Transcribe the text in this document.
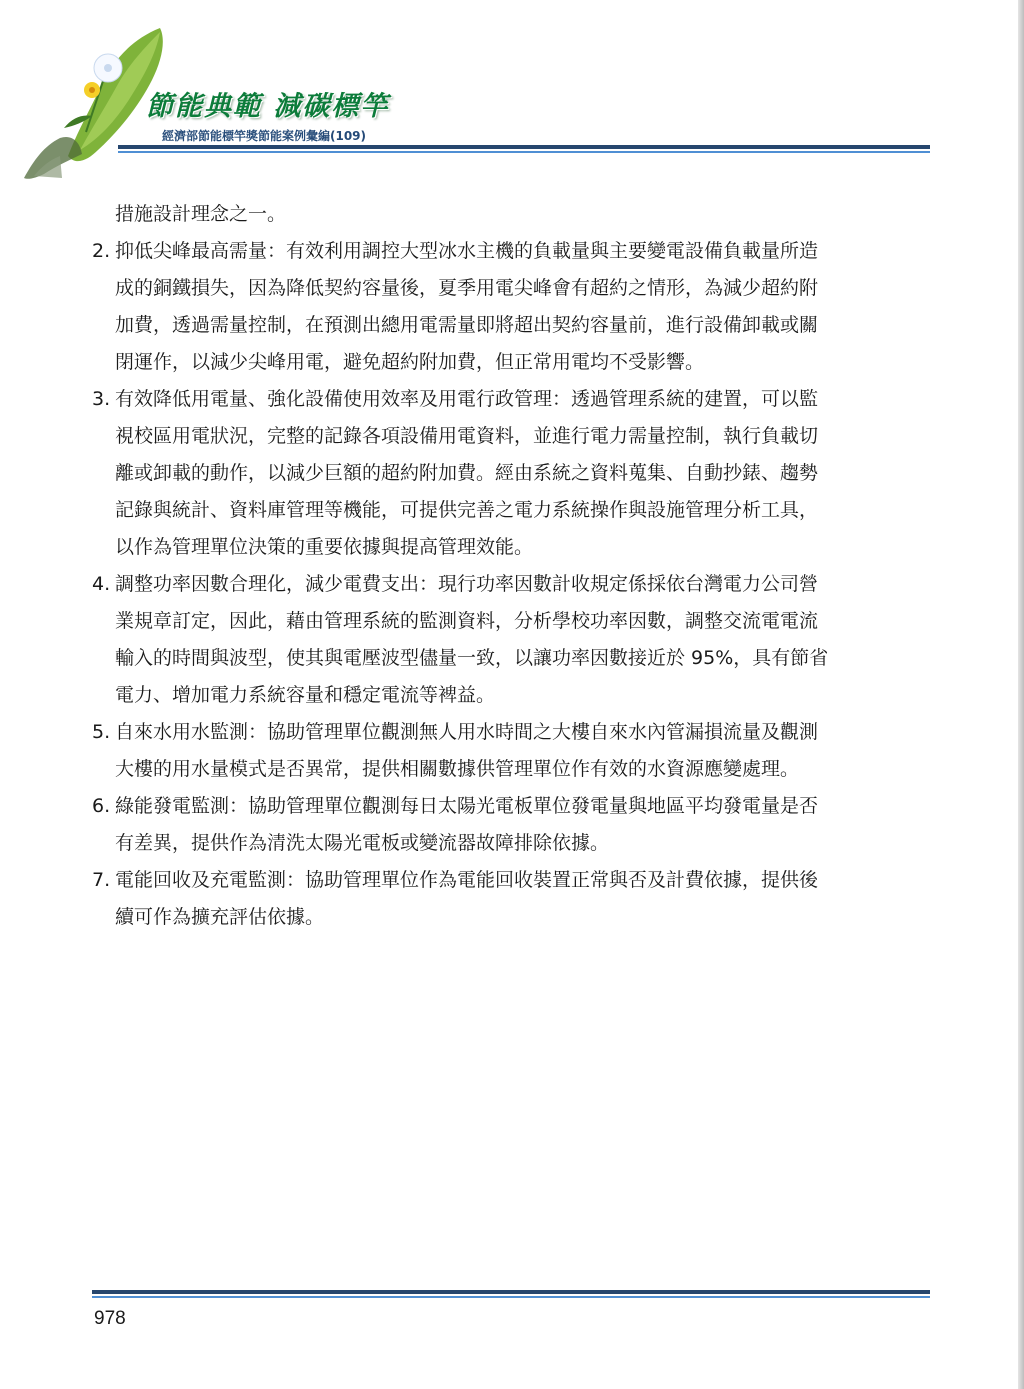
節能典範 減碳標竿
經濟部節能標竿獎節能案例彙編(109)

措施設計理念之一。

2. 抑低尖峰最高需量：有效利用調控大型冰水主機的負載量與主要變電設備負載量所造

成的銅鐵損失，因為降低契約容量後，夏季用電尖峰會有超約之情形，為減少超約附

加費，透過需量控制，在預測出總用電需量即將超出契約容量前，進行設備卸載或關

閉運作，以減少尖峰用電，避免超約附加費，但正常用電均不受影響。

3. 有效降低用電量、強化設備使用效率及用電行政管理：透過管理系統的建置，可以監

視校區用電狀況，完整的記錄各項設備用電資料，並進行電力需量控制，執行負載切

離或卸載的動作，以減少巨額的超約附加費。經由系統之資料蒐集、自動抄錶、趨勢

記錄與統計、資料庫管理等機能，可提供完善之電力系統操作與設施管理分析工具，

以作為管理單位決策的重要依據與提高管理效能。

4. 調整功率因數合理化，減少電費支出：現行功率因數計收規定係採依台灣電力公司營

業規章訂定，因此，藉由管理系統的監測資料，分析學校功率因數，調整交流電電流

輸入的時間與波型，使其與電壓波型儘量一致，以讓功率因數接近於 95%，具有節省

電力、增加電力系統容量和穩定電流等裨益。

5. 自來水用水監測：協助管理單位觀測無人用水時間之大樓自來水內管漏損流量及觀測

大樓的用水量模式是否異常，提供相關數據供管理單位作有效的水資源應變處理。

6. 綠能發電監測：協助管理單位觀測每日太陽光電板單位發電量與地區平均發電量是否

有差異，提供作為清洗太陽光電板或變流器故障排除依據。

7. 電能回收及充電監測：協助管理單位作為電能回收裝置正常與否及計費依據，提供後

續可作為擴充評估依據。

978
